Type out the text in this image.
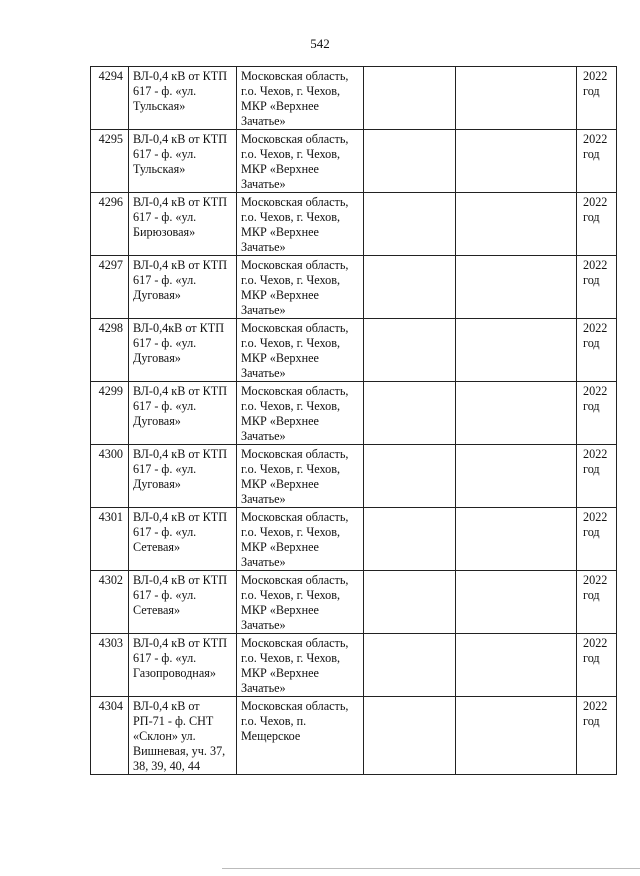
542
4294	ВЛ-0,4 кВ от КТП 617 - ф. «ул. Тульская»	Московская область, г.о. Чехов, г. Чехов, МКР «Верхнее Зачатье»			2022 год
4295	ВЛ-0,4 кВ от КТП 617 - ф. «ул. Тульская»	Московская область, г.о. Чехов, г. Чехов, МКР «Верхнее Зачатье»			2022 год
4296	ВЛ-0,4 кВ от КТП 617 - ф. «ул. Бирюзовая»	Московская область, г.о. Чехов, г. Чехов, МКР «Верхнее Зачатье»			2022 год
4297	ВЛ-0,4 кВ от КТП 617 - ф. «ул. Дуговая»	Московская область, г.о. Чехов, г. Чехов, МКР «Верхнее Зачатье»			2022 год
4298	ВЛ-0,4кВ от КТП 617 - ф. «ул. Дуговая»	Московская область, г.о. Чехов, г. Чехов, МКР «Верхнее Зачатье»			2022 год
4299	ВЛ-0,4 кВ от КТП 617 - ф. «ул. Дуговая»	Московская область, г.о. Чехов, г. Чехов, МКР «Верхнее Зачатье»			2022 год
4300	ВЛ-0,4 кВ от КТП 617 - ф. «ул. Дуговая»	Московская область, г.о. Чехов, г. Чехов, МКР «Верхнее Зачатье»			2022 год
4301	ВЛ-0,4 кВ от КТП 617 - ф. «ул. Сетевая»	Московская область, г.о. Чехов, г. Чехов, МКР «Верхнее Зачатье»			2022 год
4302	ВЛ-0,4 кВ от КТП 617 - ф. «ул. Сетевая»	Московская область, г.о. Чехов, г. Чехов, МКР «Верхнее Зачатье»			2022 год
4303	ВЛ-0,4 кВ от КТП 617 - ф. «ул. Газопроводная»	Московская область, г.о. Чехов, г. Чехов, МКР «Верхнее Зачатье»			2022 год
4304	ВЛ-0,4 кВ от РП-71 - ф. СНТ «Склон» ул. Вишневая, уч. 37, 38, 39, 40, 44	Московская область, г.о. Чехов, п. Мещерское			2022 год
